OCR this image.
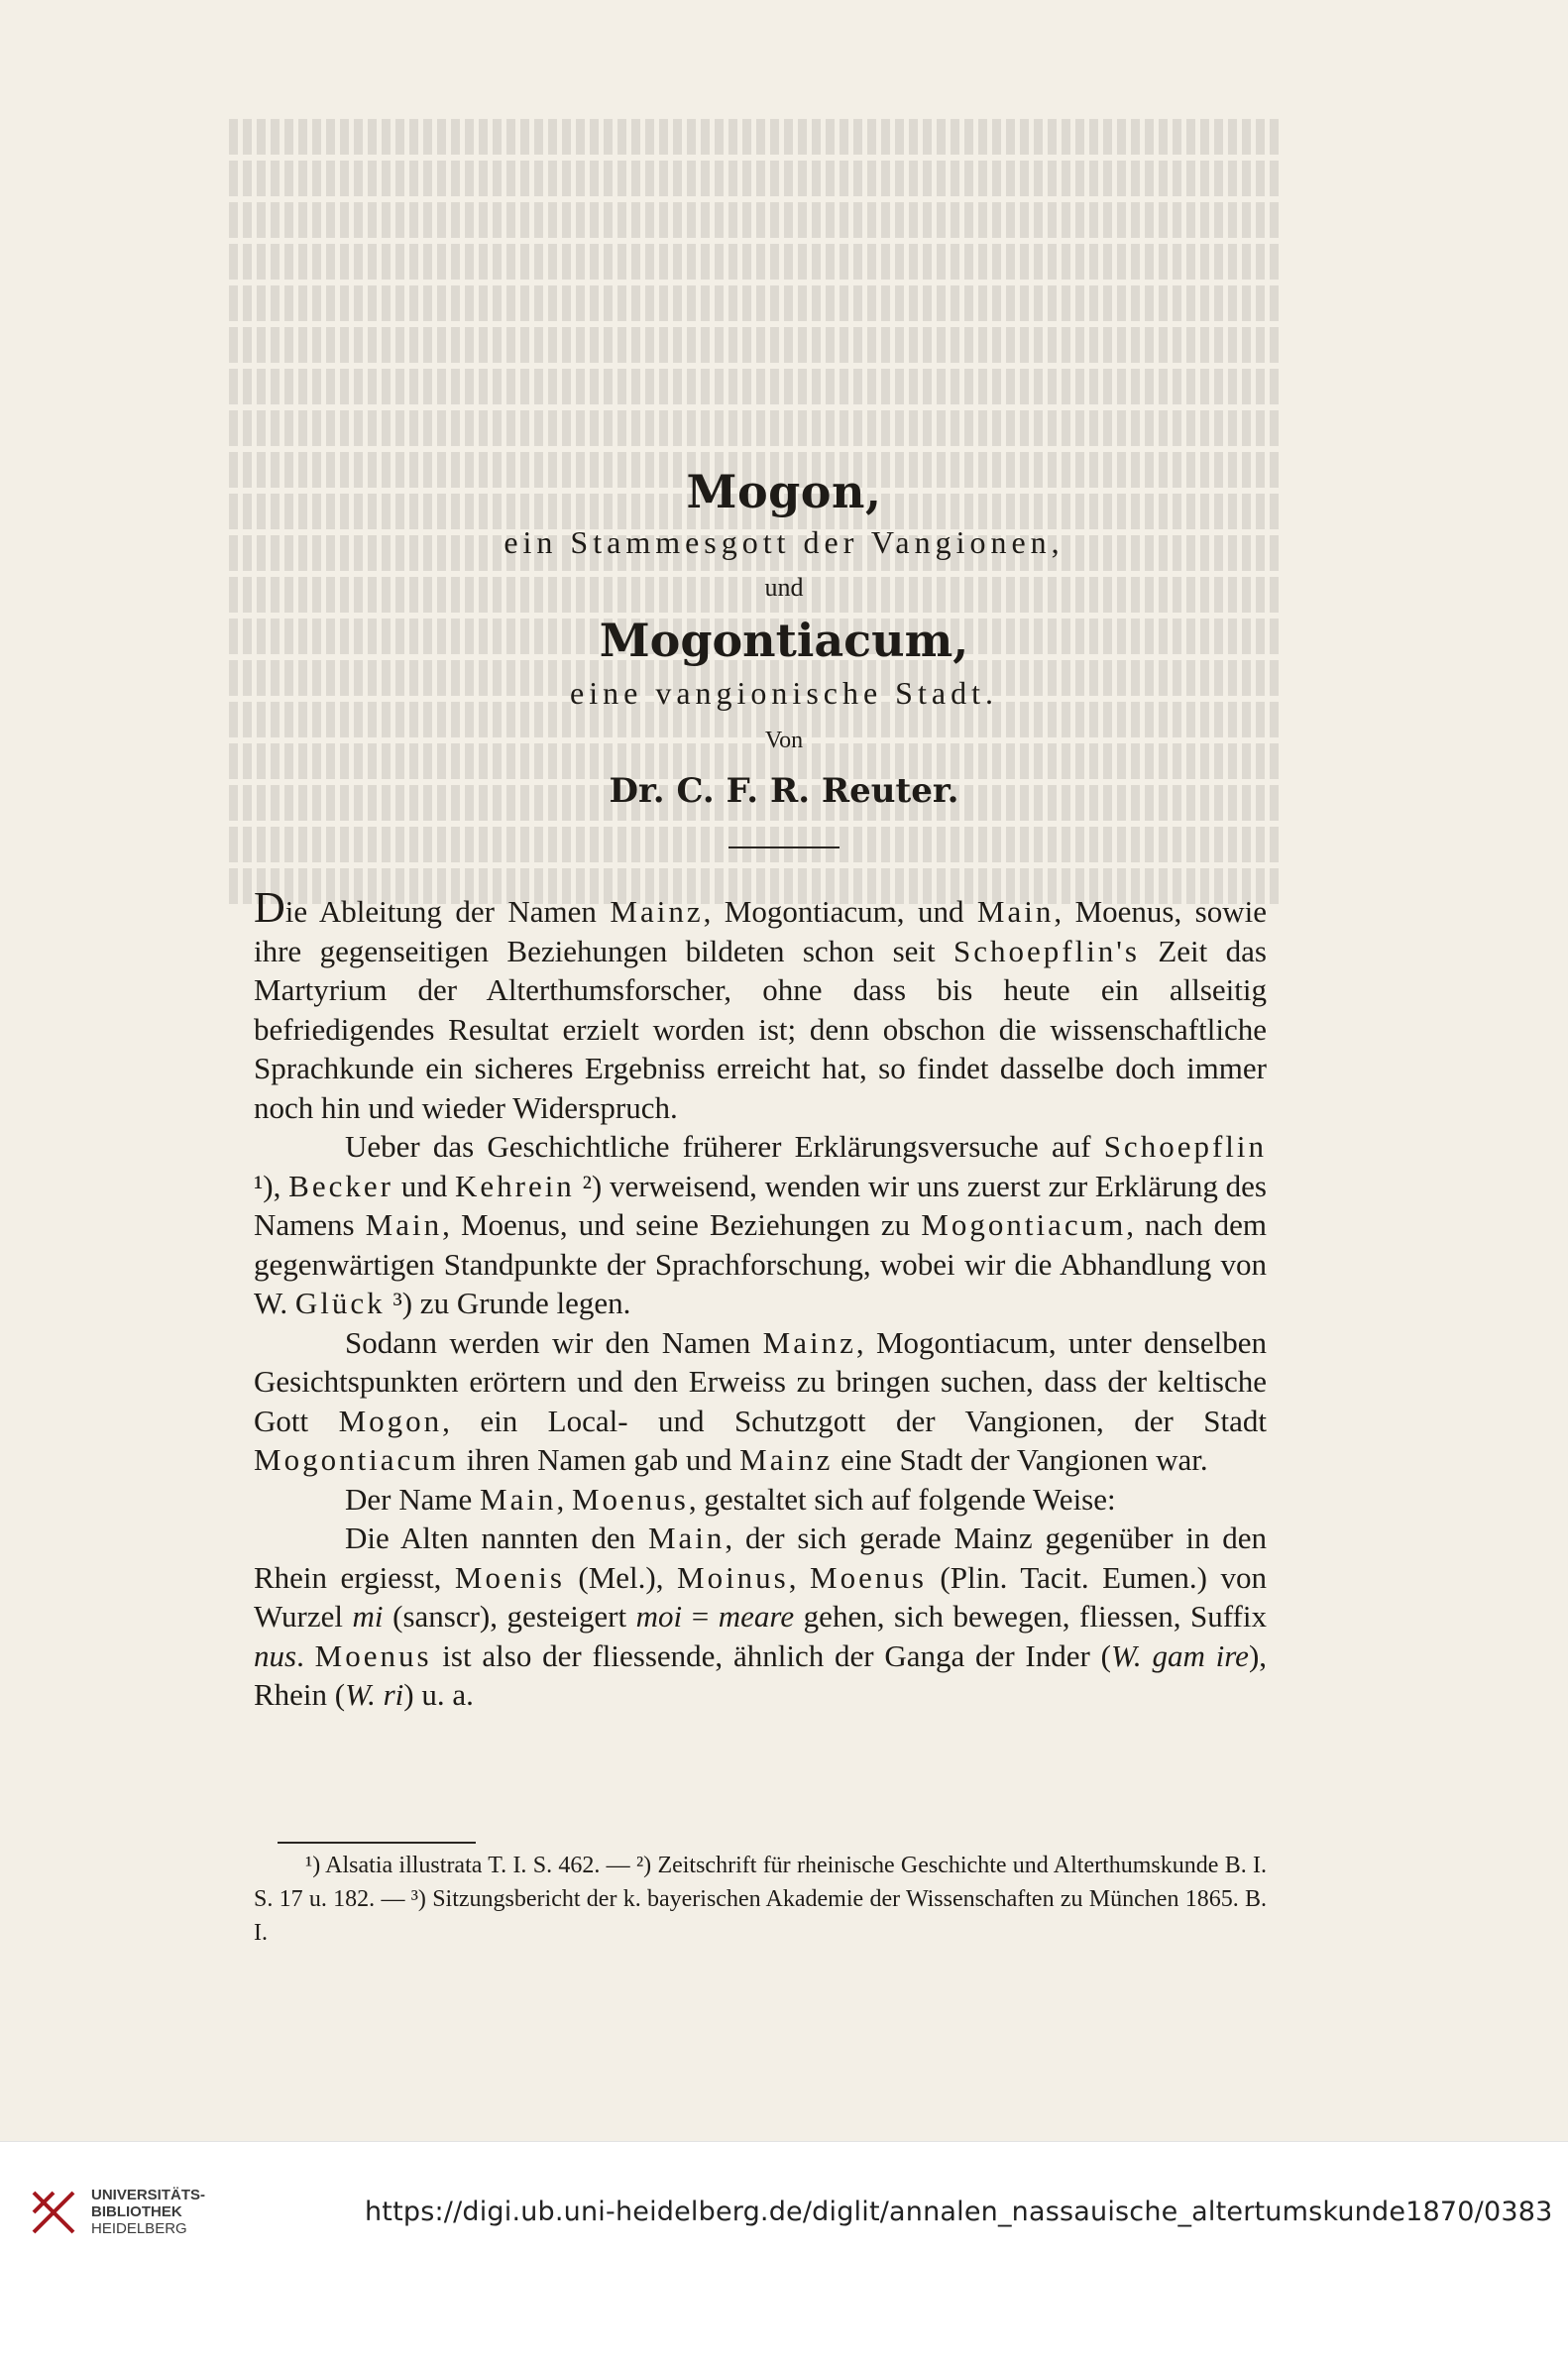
Mogon,

ein Stammesgott der Vangionen,

und

Mogontiacum,

eine vangionische Stadt.

Von

Dr. C. F. R. Reuter.

Die Ableitung der Namen Mainz, Mogontiacum, und Main, Moenus, sowie ihre gegenseitigen Beziehungen bildeten schon seit Schoepflin's Zeit das Martyrium der Alterthumsforscher, ohne dass bis heute ein allseitig befriedigendes Resultat erzielt worden ist; denn obschon die wissenschaftliche Sprachkunde ein sicheres Ergebniss erreicht hat, so findet dasselbe doch immer noch hin und wieder Widerspruch.

Ueber das Geschichtliche früherer Erklärungsversuche auf Schoepflin ¹), Becker und Kehrein ²) verweisend, wenden wir uns zuerst zur Erklärung des Namens Main, Moenus, und seine Beziehungen zu Mogontiacum, nach dem gegenwärtigen Standpunkte der Sprachforschung, wobei wir die Abhandlung von W. Glück ³) zu Grunde legen.

Sodann werden wir den Namen Mainz, Mogontiacum, unter denselben Gesichtspunkten erörtern und den Erweiss zu bringen suchen, dass der keltische Gott Mogon, ein Local- und Schutzgott der Vangionen, der Stadt Mogontiacum ihren Namen gab und Mainz eine Stadt der Vangionen war.

Der Name Main, Moenus, gestaltet sich auf folgende Weise:

Die Alten nannten den Main, der sich gerade Mainz gegenüber in den Rhein ergiesst, Moenis (Mel.), Moinus, Moenus (Plin. Tacit. Eumen.) von Wurzel mi (sanscr), gesteigert moi = meare gehen, sich bewegen, fliessen, Suffix nus. Moenus ist also der fliessende, ähnlich der Ganga der Inder (W. gam ire), Rhein (W. ri) u. a.

¹) Alsatia illustrata T. I. S. 462. — ²) Zeitschrift für rheinische Geschichte und Alterthumskunde B. I. S. 17 u. 182. — ³) Sitzungsbericht der k. bayerischen Akademie der Wissenschaften zu München 1865. B. I.

UNIVERSITÄTS-
BIBLIOTHEK
HEIDELBERG
https://digi.ub.uni-heidelberg.de/diglit/annalen_nassauische_altertumskunde1870/0383
